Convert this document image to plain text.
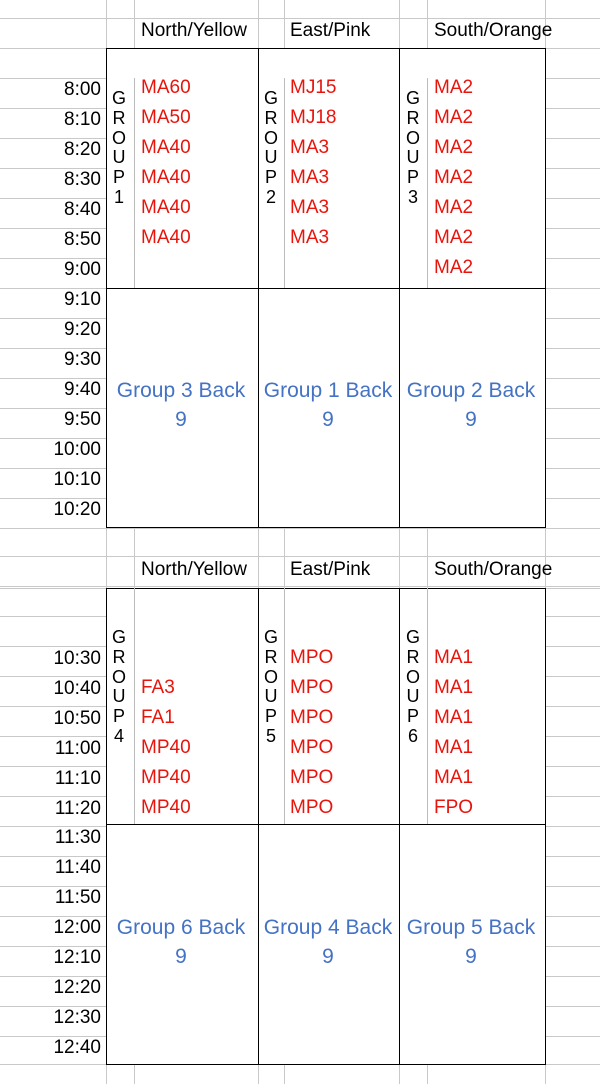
North/Yellow East/Pink	South/Orange
8:00
8:10
8:20
8:30
8:40
8:50
9:00
9:10
9:20
9:30
9:40
9:50
10:00
10:10
10:20
G
R
O
U
P
1
MA60
MA50
MA40
MA40
MA40
MA40
G
R
O
U
P
2
MJ15
MJ18
MA3
MA3
MA3
MA3
G
R
O
U
P
3
MA2
MA2
MA2
MA2
MA2
MA2
MA2
Group 3 Back
9
Group 1 Back
9
Group 2 Back
9
North/Yellow East/Pink	South/Orange
10:30
10:40
10:50
11:00
11:10
11:20
11:30
11:40
11:50
12:00
12:10
12:20
12:30
12:40
G
R
O
U
P
4
FA3
FA1
MP40
MP40
MP40
G
R
O
U
P
5
MPO
MPO
MPO
MPO
MPO
MPO
G
R
O
U
P
6
MA1
MA1
MA1
MA1
MA1
FPO
Group 6 Back
9
Group 4 Back
9
Group 5 Back
9
